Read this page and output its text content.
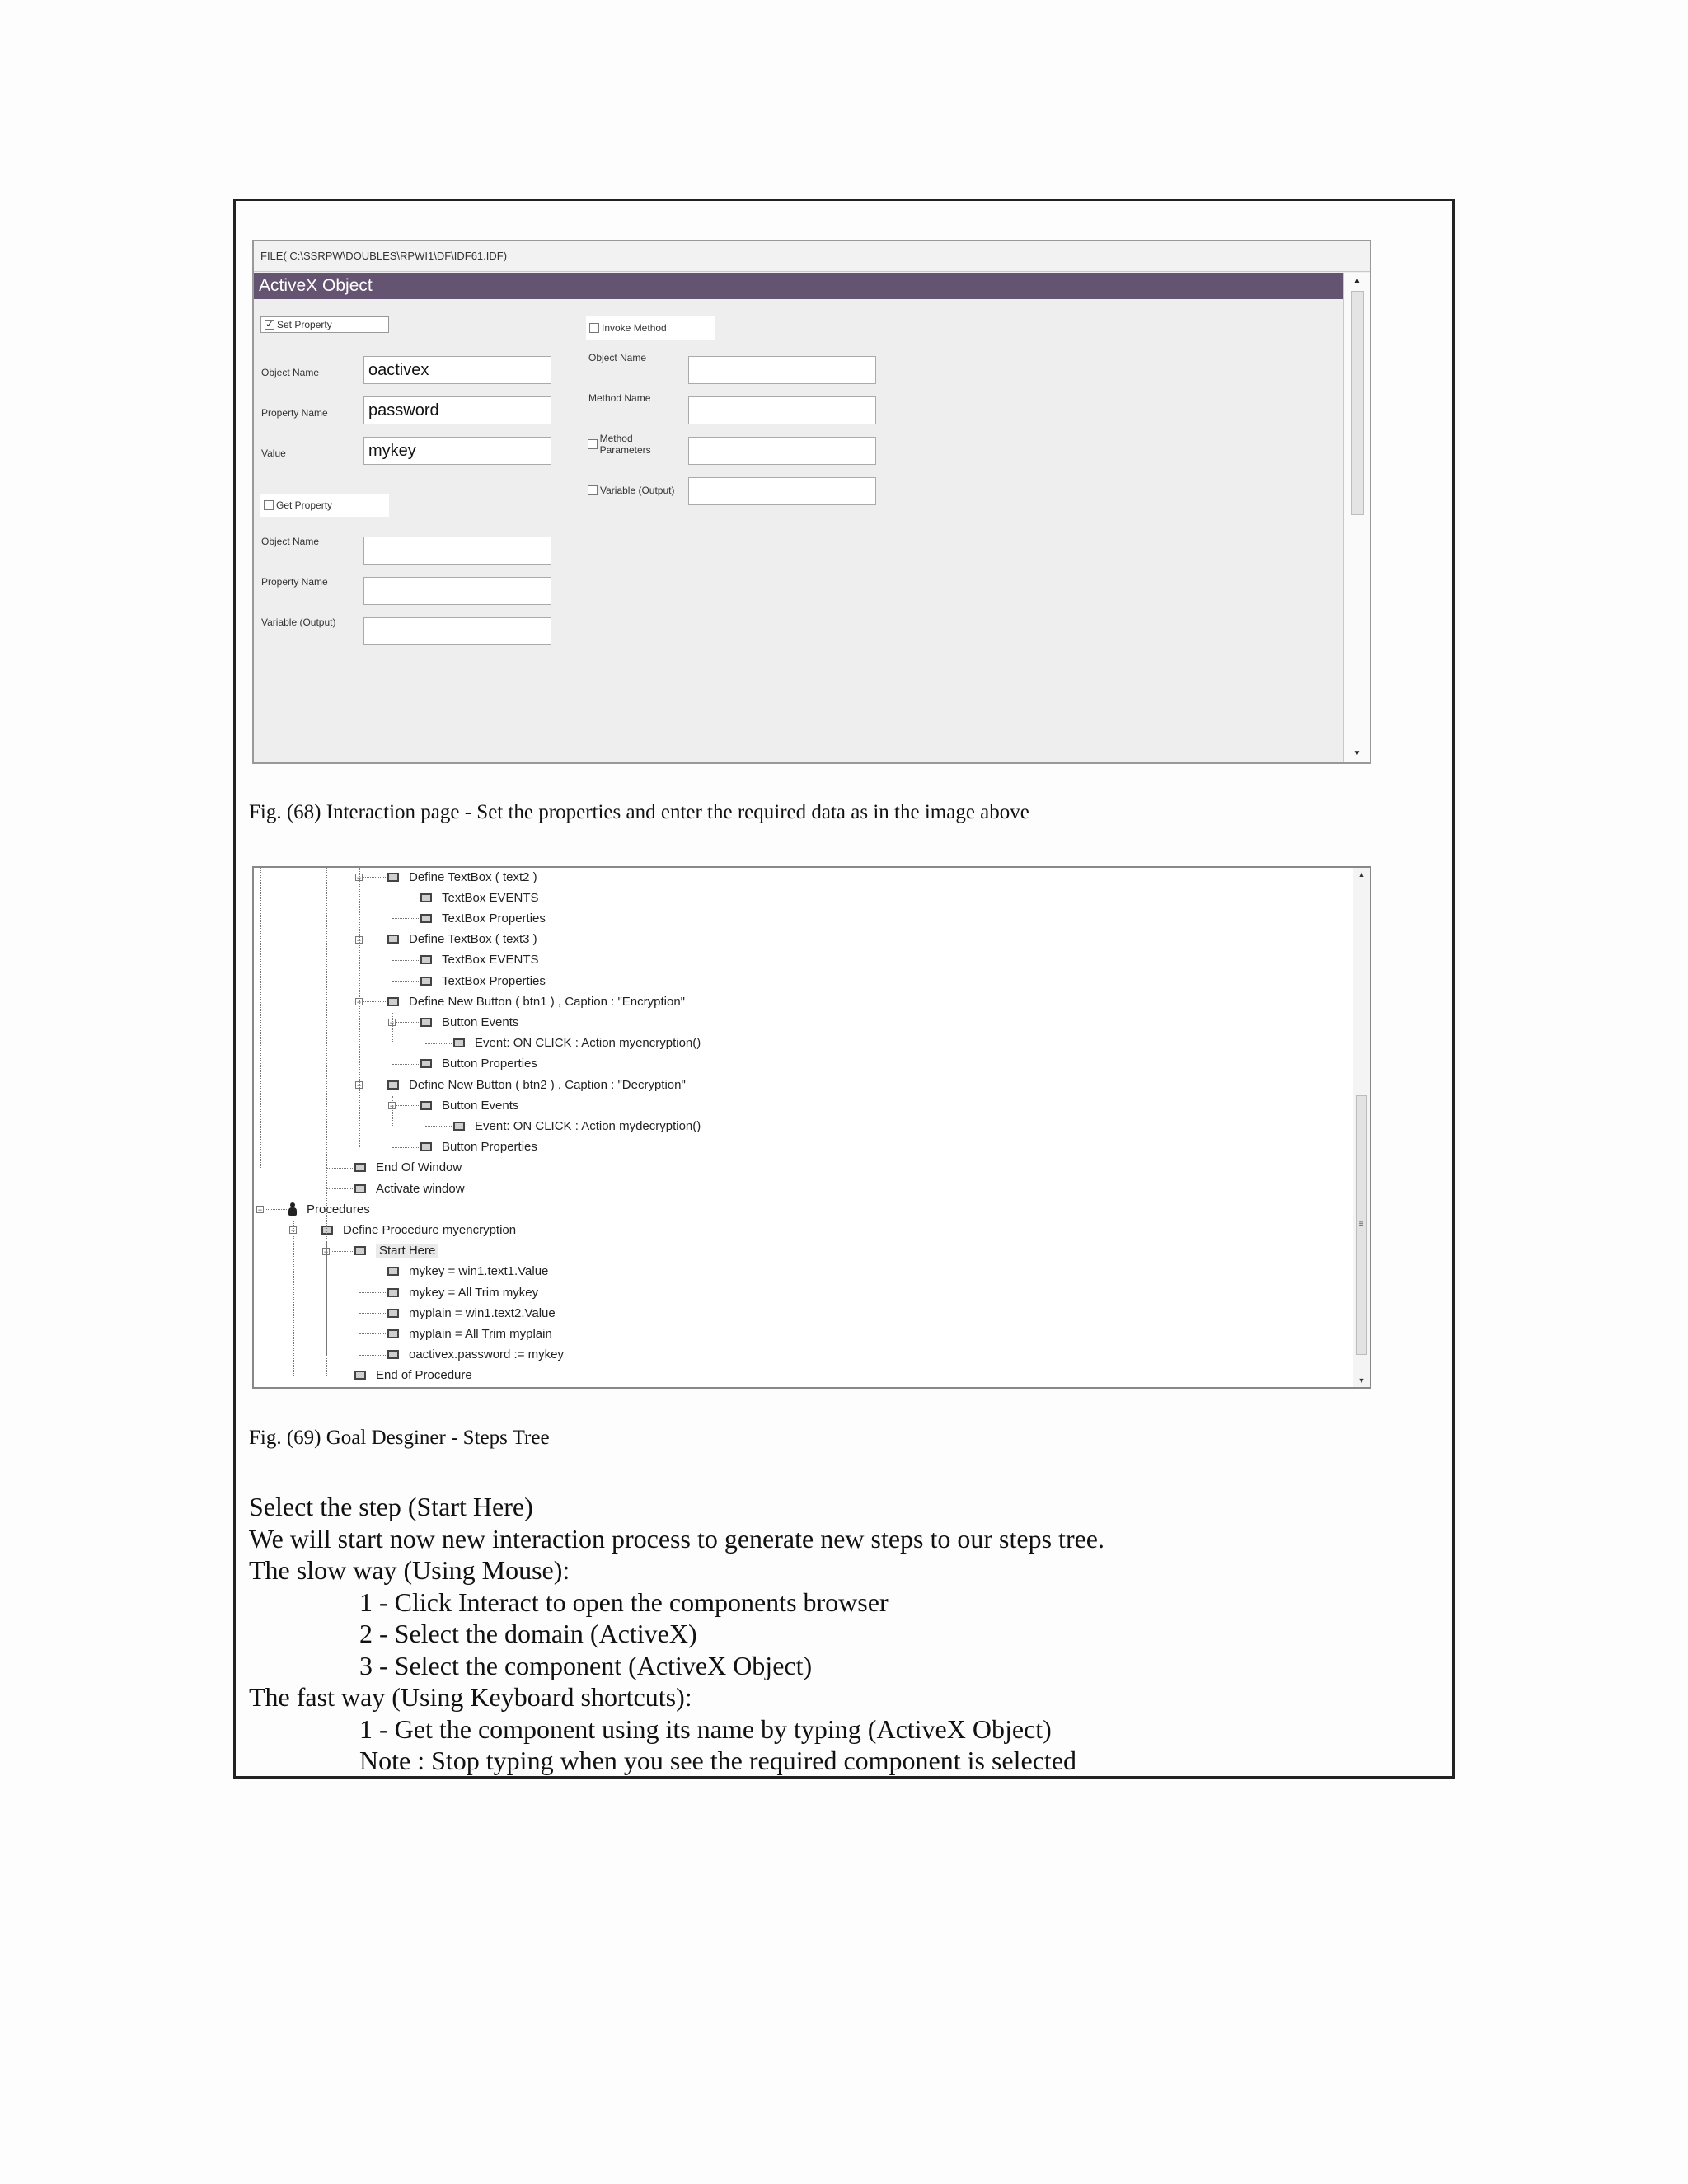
FILE( C:\SSRPW\DOUBLES\RPWI1\DF\IDF61.IDF)
ActiveX Object	▲
▼
✓ Set Property
Object Name	oactivex
Property Name	password
Value	mykey
Get Property
Object Name
Property Name
Variable (Output)
Invoke Method
Object Name
Method Name
Method Parameters
Variable (Output)
Fig. (68) Interaction page - Set the properties and enter the required data as in the image above
Define TextBox ( text2 )
−
TextBox EVENTS
TextBox Properties
Define TextBox ( text3 )
−
TextBox EVENTS
TextBox Properties
Define New Button ( btn1 ) , Caption : "Encryption"
−
Button Events
−
Event: ON CLICK : Action myencryption()
Button Properties
Define New Button ( btn2 ) , Caption : "Decryption"
−
Button Events
−
Event: ON CLICK : Action mydecryption()
Button Properties
End Of Window
Activate window
Procedures
−
Define Procedure myencryption
−
Start Here
−
mykey = win1.text1.Value
mykey = All Trim mykey
myplain = win1.text2.Value
myplain = All Trim myplain
oactivex.password := mykey
End of Procedure
▲
≡
▼
Fig. (69) Goal Desginer - Steps Tree
Select the step (Start Here)
We will start now new interaction process to generate new steps to our steps tree.
The slow way (Using Mouse):
1 - Click Interact to open the components browser
2 - Select the domain (ActiveX)
3 - Select the component (ActiveX Object)
The fast way (Using Keyboard shortcuts):
1 - Get the component using its name by typing (ActiveX Object)
Note : Stop typing when you see the required component is selected
